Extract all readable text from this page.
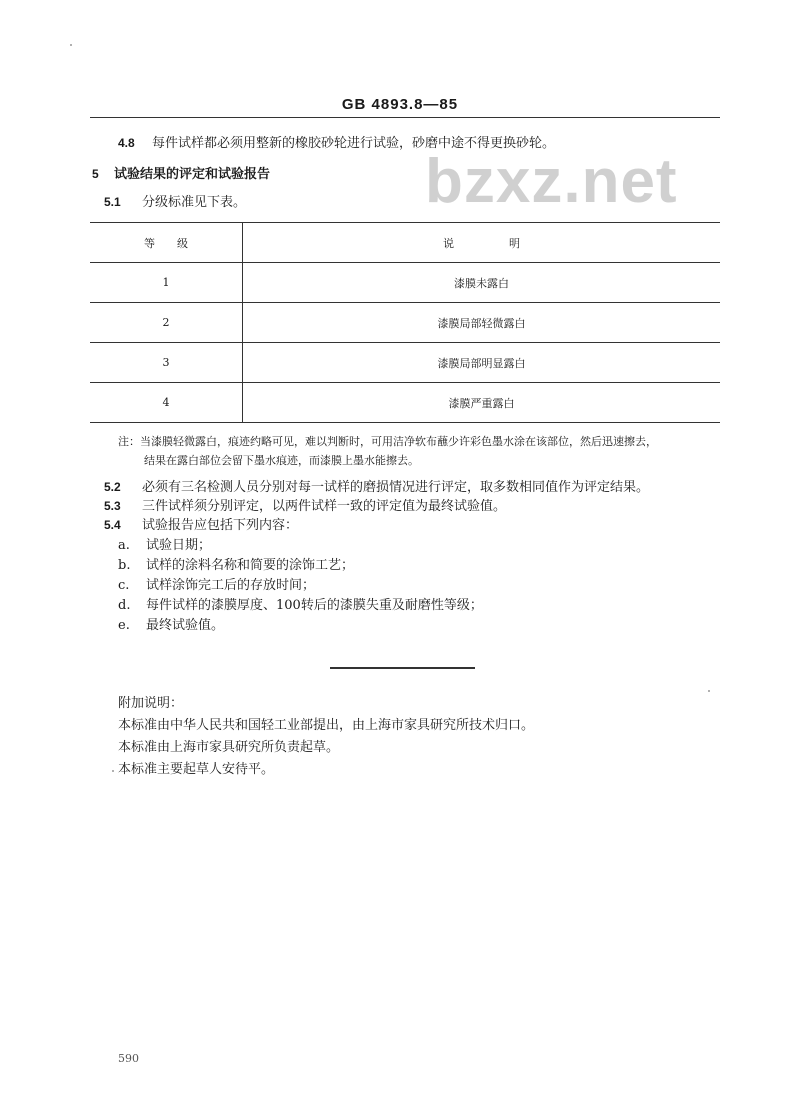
GB 4893.8—85
bzxz.net
4.8 每件试样都必须用整新的橡胶砂轮进行试验，砂磨中途不得更换砂轮。
5 试验结果的评定和试验报告
5.1 分级标准见下表。
等　　级	说　　　　　明
1	漆膜未露白
2	漆膜局部轻微露白
3	漆膜局部明显露白
4	漆膜严重露白
注：当漆膜轻微露白，痕迹约略可见，难以判断时，可用洁净软布蘸少许彩色墨水涂在该部位，然后迅速擦去，
结果在露白部位会留下墨水痕迹，而漆膜上墨水能擦去。
5.2 必须有三名检测人员分别对每一试样的磨损情况进行评定，取多数相同值作为评定结果。
5.3 三件试样须分别评定，以两件试样一致的评定值为最终试验值。
5.4 试验报告应包括下列内容：
a. 试验日期；
b. 试样的涂料名称和简要的涂饰工艺；
c. 试样涂饰完工后的存放时间；
d. 每件试样的漆膜厚度、100转后的漆膜失重及耐磨性等级；
e. 最终试验值。
附加说明：
本标准由中华人民共和国轻工业部提出，由上海市家具研究所技术归口。
本标准由上海市家具研究所负责起草。
本标准主要起草人安待平。
590
